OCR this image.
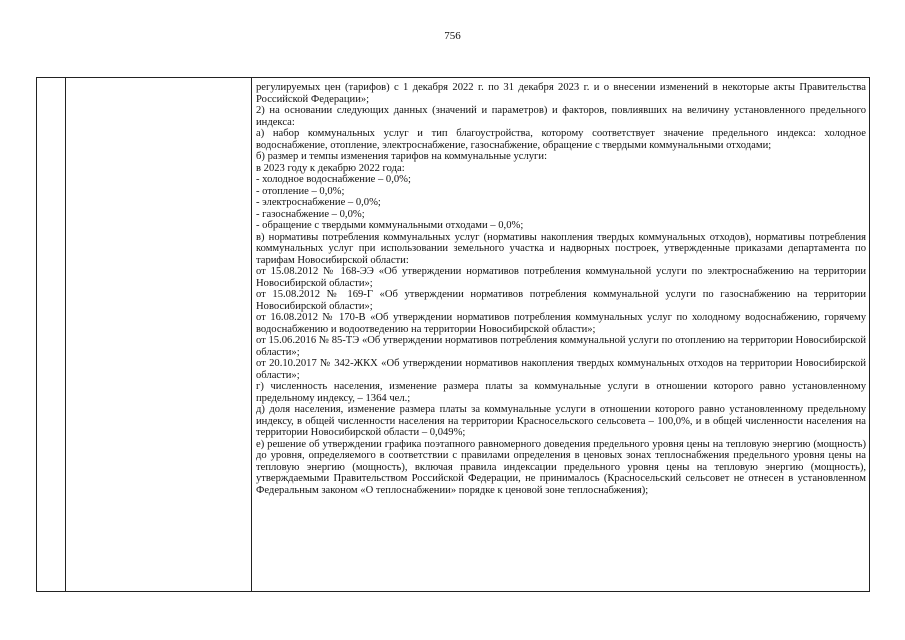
756

регулируемых цен (тарифов) с 1 декабря 2022 г. по 31 декабря 2023 г. и о внесении изменений в некоторые акты Правительства Российской Федерации»;

2) на основании следующих данных (значений и параметров) и факторов, повлиявших на величину установленного предельного индекса:

а) набор коммунальных услуг и тип благоустройства, которому соответствует значение предельного индекса: холодное водоснабжение, отопление, электроснабжение, газоснабжение, обращение с твердыми коммунальными отходами;

б) размер и темпы изменения тарифов на коммунальные услуги:

в 2023 году к декабрю 2022 года:

- холодное водоснабжение – 0,0%;

- отопление – 0,0%;

- электроснабжение – 0,0%;

- газоснабжение – 0,0%;

- обращение с твердыми коммунальными отходами – 0,0%;

в) нормативы потребления коммунальных услуг (нормативы накопления твердых коммунальных отходов), нормативы потребления коммунальных услуг при использовании земельного участка и надворных построек, утвержденные приказами департамента по тарифам Новосибирской области:

от 15.08.2012 № 168-ЭЭ «Об утверждении нормативов потребления коммунальной услуги по электроснабжению на территории Новосибирской области»;

от 15.08.2012 № 169-Г «Об утверждении нормативов потребления коммунальной услуги по газоснабжению на территории Новосибирской области»;

от 16.08.2012 № 170-В «Об утверждении нормативов потребления коммунальных услуг по холодному водоснабжению, горячему водоснабжению и водоотведению на территории Новосибирской области»;

от 15.06.2016 № 85-ТЭ «Об утверждении нормативов потребления коммунальной услуги по отоплению на территории Новосибирской области»;

от 20.10.2017 № 342-ЖКХ «Об утверждении нормативов накопления твердых коммунальных отходов на территории Новосибирской области»;

г) численность населения, изменение размера платы за коммунальные услуги в отношении которого равно установленному предельному индексу, – 1364 чел.;

д) доля населения, изменение размера платы за коммунальные услуги в отношении которого равно установленному предельному индексу, в общей численности населения на территории Красносельского сельсовета – 100,0%, и в общей численности населения на территории Новосибирской области – 0,049%;

е) решение об утверждении графика поэтапного равномерного доведения предельного уровня цены на тепловую энергию (мощность) до уровня, определяемого в соответствии с правилами определения в ценовых зонах теплоснабжения предельного уровня цены на тепловую энергию (мощность), включая правила индексации предельного уровня цены на тепловую энергию (мощность), утверждаемыми Правительством Российской Федерации, не принималось (Красносельский сельсовет не отнесен в установленном Федеральным законом «О теплоснабжении» порядке к ценовой зоне теплоснабжения);
